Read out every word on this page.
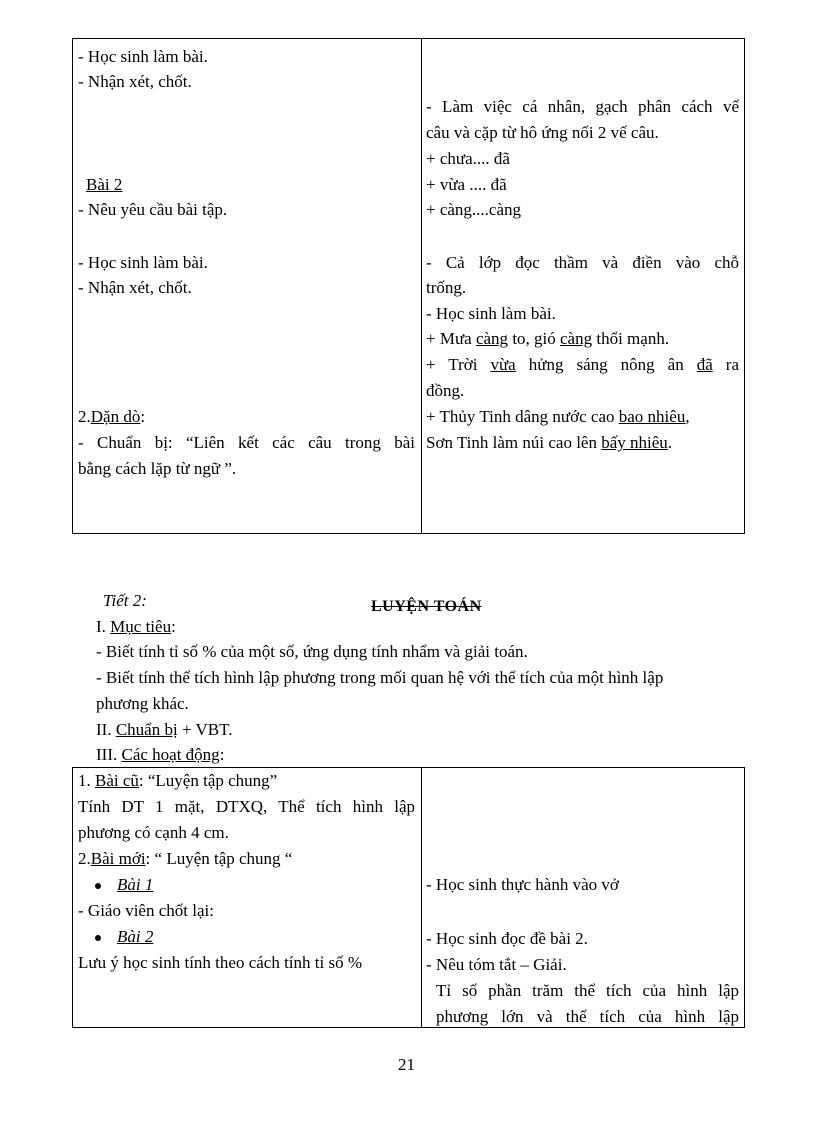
- Học sinh làm bài.
- Nhận xét, chốt.
Bài 2
- Nêu yêu cầu bài tập.
- Học sinh làm bài.
- Nhận xét, chốt.
2.Dặn dò:
- Chuẩn bị: “Liên kết các câu trong bài
bằng cách lặp từ ngữ ”.
- Làm việc cá nhân, gạch phân cách vế
câu và cặp từ hô ứng nối 2 vế câu.
+ chưa.... đã
+ vừa .... đã
+ càng....càng
- Cả lớp đọc thầm và điền vào chỗ
trống.
- Học sinh làm bài.
+ Mưa càng to, gió càng thổi mạnh.
+ Trời vừa hửng sáng nông ân đã ra
đồng.
+ Thủy Tinh dâng nước cao bao nhiêu,
Sơn Tinh làm núi cao lên bấy nhiêu.
Tiết 2:	LUYỆN TOÁN
I. Mục tiêu:
- Biết tính tỉ số % của một số, ứng dụng tính nhẩm và giải toán.
- Biết tính thể tích hình lập phương trong mối quan hệ với thể tích của một hình lập
phương khác.
II. Chuẩn bị + VBT.
III. Các hoạt động:
1. Bài cũ: “Luyện tập chung”
Tính DT 1 mặt, DTXQ, Thể tích hình lập
phương có cạnh 4 cm.
2.Bài mới: “ Luyện tập chung “
Bài 1
- Giáo viên chốt lại:
Bài 2
Lưu ý học sinh tính theo cách tính tỉ số %
- Học sinh thực hành vào vở
- Học sinh đọc đề bài 2.
- Nêu tóm tắt – Giải.
Tỉ số phần trăm thể tích của hình lập
phương lớn và thể tích của hình lập
21
